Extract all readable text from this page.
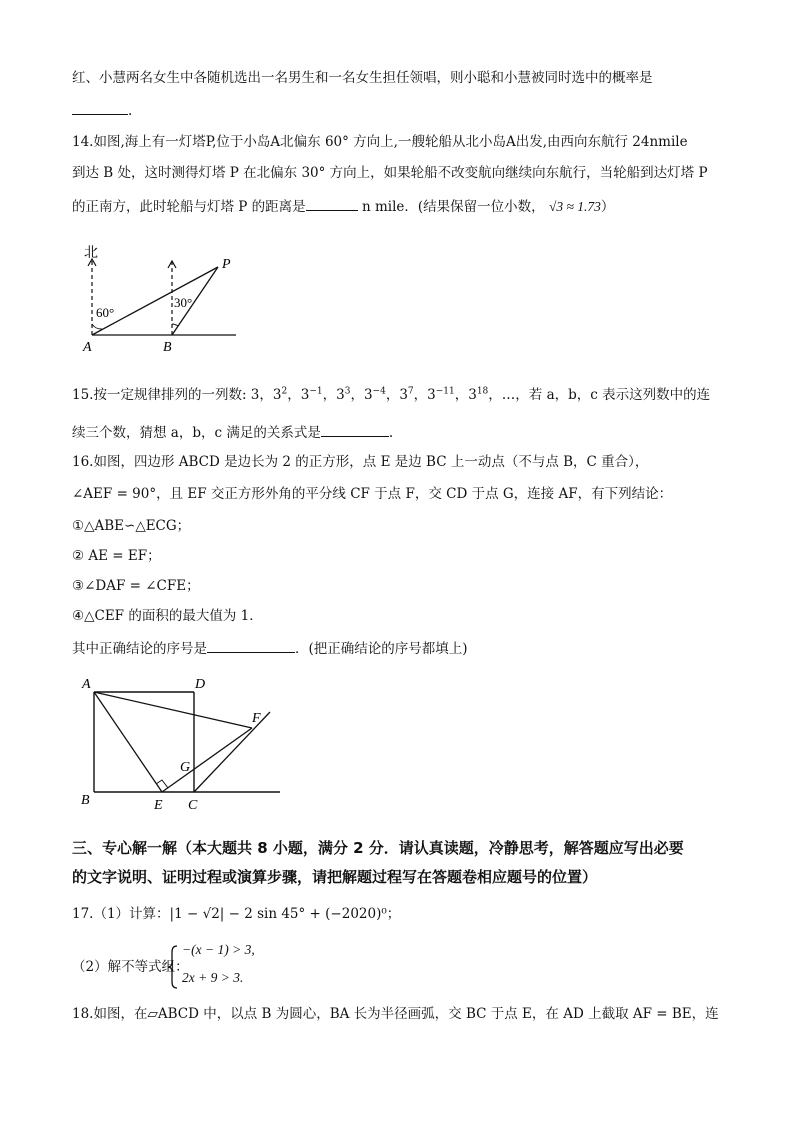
红、小慧两名女生中各随机选出一名男生和一名女生担任领唱，则小聪和小慧被同时选中的概率是
.
14.如图,海上有一灯塔P,位于小岛A北偏东 60° 方向上,一艘轮船从北小岛A出发,由西向东航行 24nmile
到达 B 处，这时测得灯塔 P 在北偏东 30° 方向上，如果轮船不改变航向继续向东航行，当轮船到达灯塔 P
的正南方，此时轮船与灯塔 P 的距离是	n mile．(结果保留一位小数， √3 ≈ 1.73）
北
P
A	B
60°
30°
15.按一定规律排列的一列数: 3，$3^2$，$3^{-1}$，$3^3$，$3^{-4}$，$3^7$，$3^{-11}$，$3^{18}$，…，若 a，b，c 表示这列数中的连
续三个数，猜想 a，b，c 满足的关系式是	.
16.如图，四边形 ABCD 是边长为 2 的正方形，点 E 是边 BC 上一动点（不与点 B，C 重合），
∠AEF = 90°，且 EF 交正方形外角的平分线 CF 于点 F，交 CD 于点 G，连接 AF，有下列结论：
①△ABE∽△ECG；
② AE = EF；
③∠DAF = ∠CFE；
④△CEF 的面积的最大值为 1．
其中正确结论的序号是	．(把正确结论的序号都填上)
A	D
B	E C
G
F
三、专心解一解（本大题共 8 小题，满分 2 分．请认真读题，冷静思考，解答题应写出必要
的文字说明、证明过程或演算步骤，请把解题过程写在答题卷相应题号的位置）
17.（1）计算：|1 − √2| − 2 sin 45° + (−2020)⁰；
（2）解不等式组：
−(x − 1) > 3,
2x + 9 > 3.
18.如图，在▱ABCD 中，以点 B 为圆心，BA 长为半径画弧，交 BC 于点 E，在 AD 上截取 AF = BE，连
